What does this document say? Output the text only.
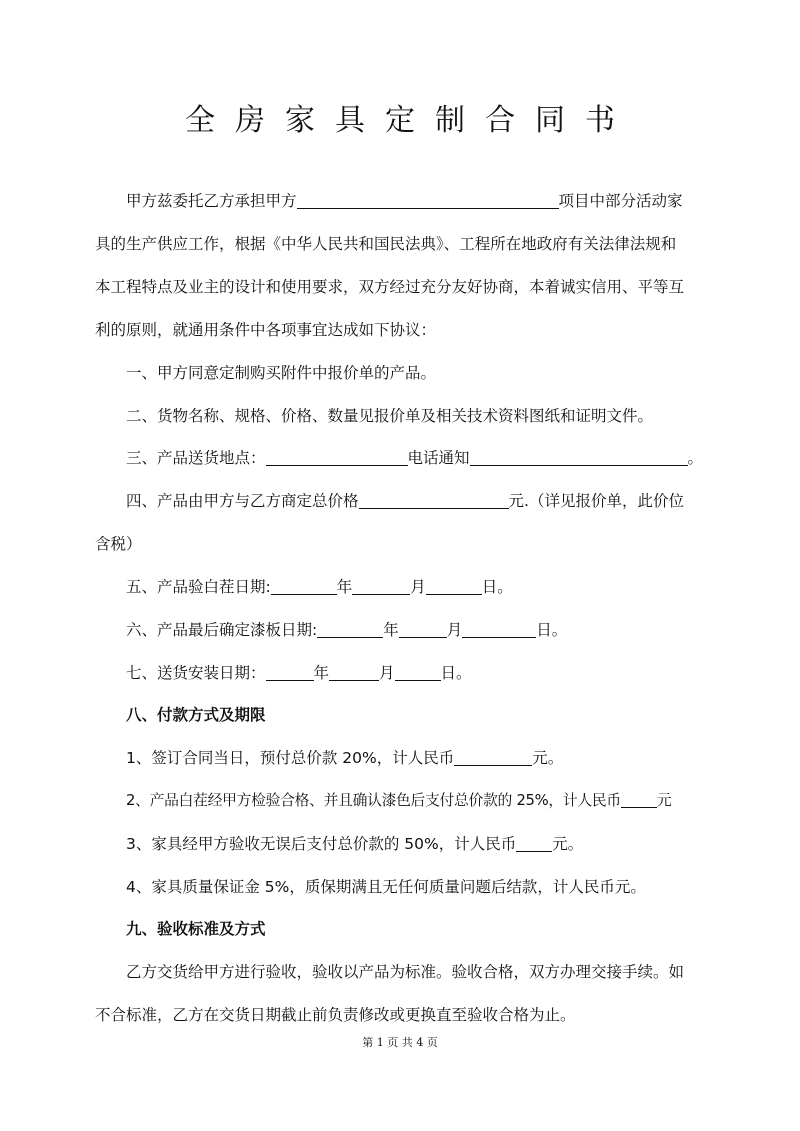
全房家具定制合同书

甲方兹委托乙方承担甲方	项目中部分活动家

具的生产供应工作，根据《中华人民共和国民法典》、工程所在地政府有关法律法规和

本工程特点及业主的设计和使用要求，双方经过充分友好协商，本着诚实信用、平等互

利的原则，就通用条件中各项事宜达成如下协议：

一、甲方同意定制购买附件中报价单的产品。

二、货物名称、规格、价格、数量见报价单及相关技术资料图纸和证明文件。

三、产品送货地点：	电话通知	。

四、产品由甲方与乙方商定总价格	元.（详见报价单，此价位

含税）

五、产品验白茬日期:	年	月	日。

六、产品最后确定漆板日期:	年	月	日。

七、送货安装日期：	年	月	日。

八、付款方式及期限

1、签订合同当日，预付总价款 20%，计人民币	元。

2、产品白茬经甲方检验合格、并且确认漆色后支付总价款的 25%，计人民币 元

3、家具经甲方验收无误后支付总价款的 50%，计人民币 元。

4、家具质量保证金 5%，质保期满且无任何质量问题后结款，计人民币元。

九、验收标准及方式

乙方交货给甲方进行验收，验收以产品为标准。验收合格，双方办理交接手续。如

不合标准，乙方在交货日期截止前负责修改或更换直至验收合格为止。

第 1 页 共 4 页
